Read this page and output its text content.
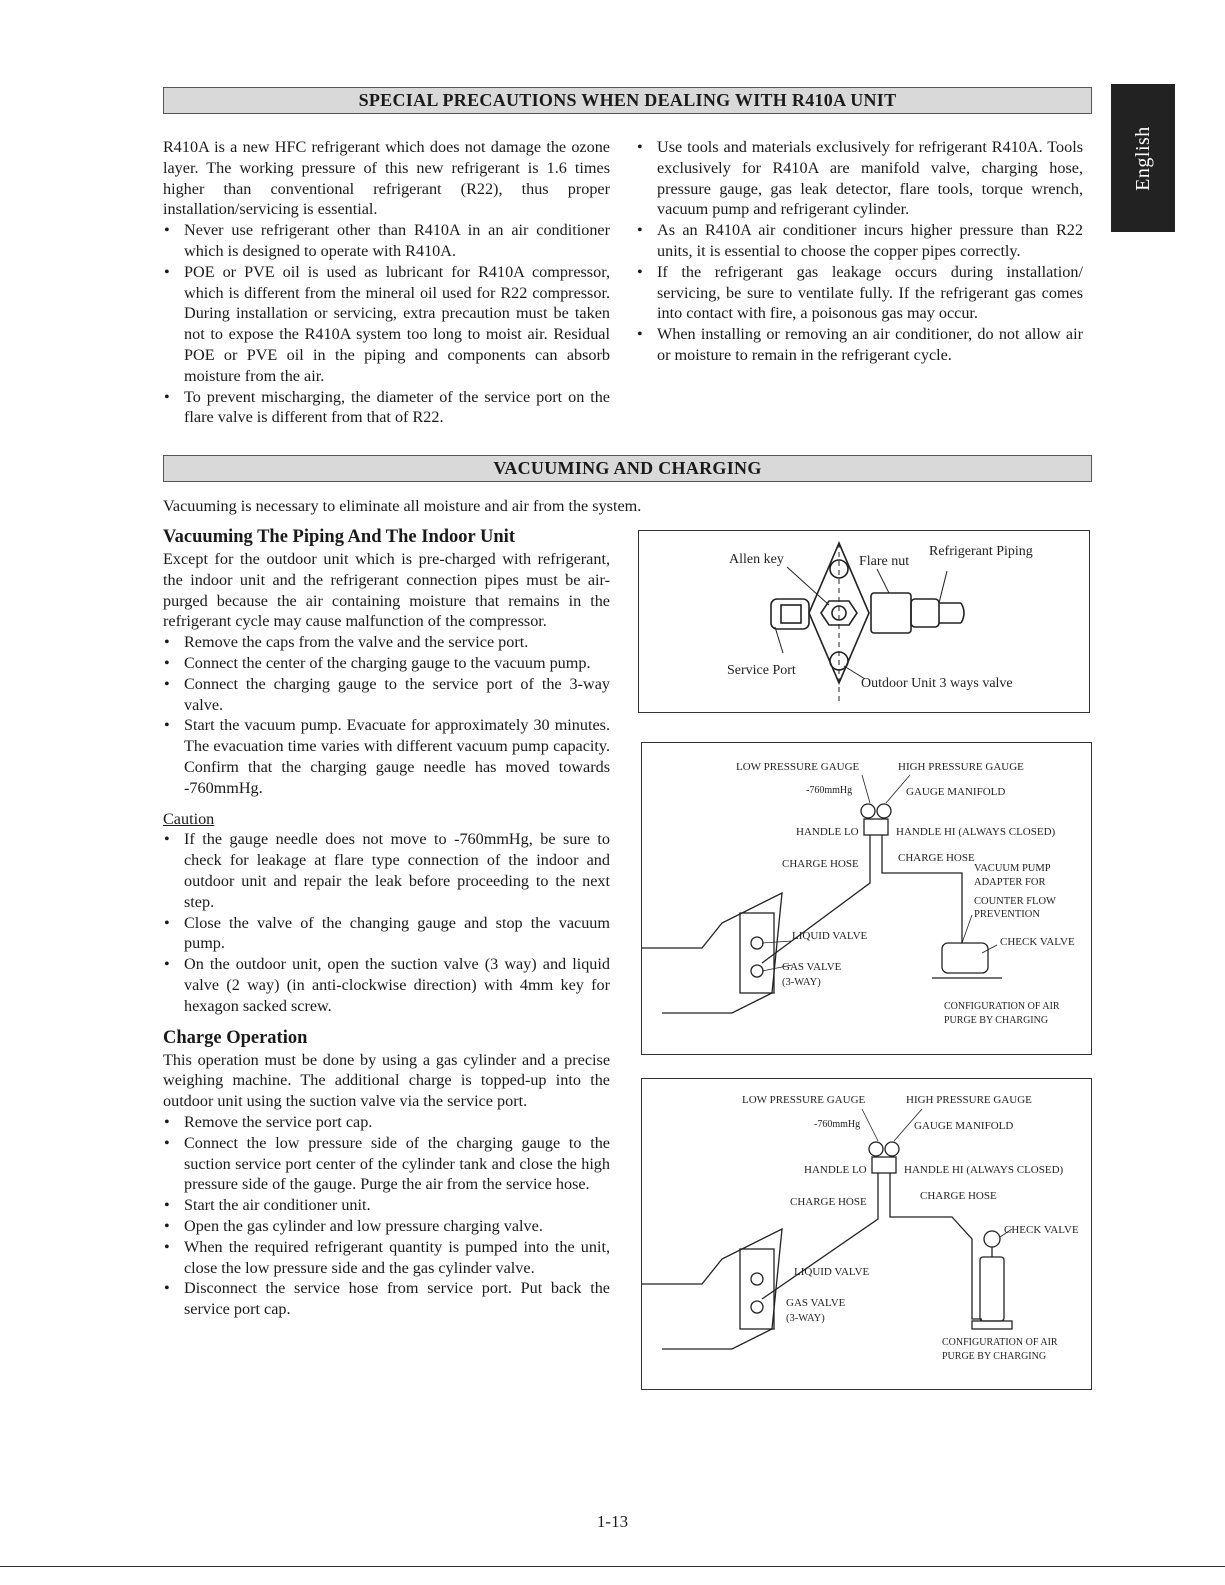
English
SPECIAL PRECAUTIONS WHEN DEALING WITH R410A UNIT

R410A is a new HFC refrigerant which does not damage the ozone layer. The working pressure of this new refrigerant is 1.6 times higher than conventional refrigerant (R22), thus proper installation/servicing is essential.

• Never use refrigerant other than R410A in an air conditioner which is designed to operate with R410A.
• POE or PVE oil is used as lubricant for R410A compressor, which is different from the mineral oil used for R22 compressor. During installation or servicing, extra precaution must be taken not to expose the R410A system too long to moist air. Residual POE or PVE oil in the piping and components can absorb moisture from the air.
• To prevent mischarging, the diameter of the service port on the flare valve is different from that of R22.
• Use tools and materials exclusively for refrigerant R410A. Tools exclusively for R410A are manifold valve, charging hose, pressure gauge, gas leak detector, flare tools, torque wrench, vacuum pump and refrigerant cylinder.
• As an R410A air conditioner incurs higher pressure than R22 units, it is essential to choose the copper pipes correctly.
• If the refrigerant gas leakage occurs during installation/ servicing, be sure to ventilate fully. If the refrigerant gas comes into contact with fire, a poisonous gas may occur.
• When installing or removing an air conditioner, do not allow air or moisture to remain in the refrigerant cycle.
VACUUMING AND CHARGING
Vacuuming is necessary to eliminate all moisture and air from the system.
Vacuuming The Piping And The Indoor Unit

Except for the outdoor unit which is pre-charged with refrigerant, the indoor unit and the refrigerant connection pipes must be air-purged because the air containing moisture that remains in the refrigerant cycle may cause malfunction of the compressor.

• Remove the caps from the valve and the service port.
• Connect the center of the charging gauge to the vacuum pump.
• Connect the charging gauge to the service port of the 3-way valve.
• Start the vacuum pump. Evacuate for approximately 30 minutes. The evacuation time varies with different vacuum pump capacity. Confirm that the charging gauge needle has moved towards -760mmHg.

Caution

• If the gauge needle does not move to -760mmHg, be sure to check for leakage at flare type connection of the indoor and outdoor unit and repair the leak before proceeding to the next step.
• Close the valve of the changing gauge and stop the vacuum pump.
• On the outdoor unit, open the suction valve (3 way) and liquid valve (2 way) (in anti-clockwise direction) with 4mm key for hexagon sacked screw.
Charge Operation

This operation must be done by using a gas cylinder and a precise weighing machine. The additional charge is topped-up into the outdoor unit using the suction valve via the service port.

• Remove the service port cap.
• Connect the low pressure side of the charging gauge to the suction service port center of the cylinder tank and close the high pressure side of the gauge. Purge the air from the service hose.
• Start the air conditioner unit.
• Open the gas cylinder and low pressure charging valve.
• When the required refrigerant quantity is pumped into the unit, close the low pressure side and the gas cylinder valve.
• Disconnect the service hose from service port. Put back the service port cap.
Allen key	Flare nut
Refrigerant Piping
Service Port
Outdoor Unit 3 ways valve
LOW PRESSURE GAUGE	HIGH PRESSURE GAUGE
-760mmHg	GAUGE MANIFOLD
HANDLE LO	HANDLE HI (ALWAYS CLOSED)
CHARGE HOSE	CHARGE HOSE
VACUUM PUMP
ADAPTER FOR
COUNTER FLOW
PREVENTION
CHECK VALVE
LIQUID VALVE
GAS VALVE
(3-WAY)
CONFIGURATION OF AIR
PURGE BY CHARGING
LOW PRESSURE GAUGE	HIGH PRESSURE GAUGE
-760mmHg	GAUGE MANIFOLD
HANDLE LO	HANDLE HI (ALWAYS CLOSED)
CHARGE HOSE	CHARGE HOSE
CHECK VALVE
LIQUID VALVE
GAS VALVE
(3-WAY)
CONFIGURATION OF AIR
PURGE BY CHARGING
1-13
